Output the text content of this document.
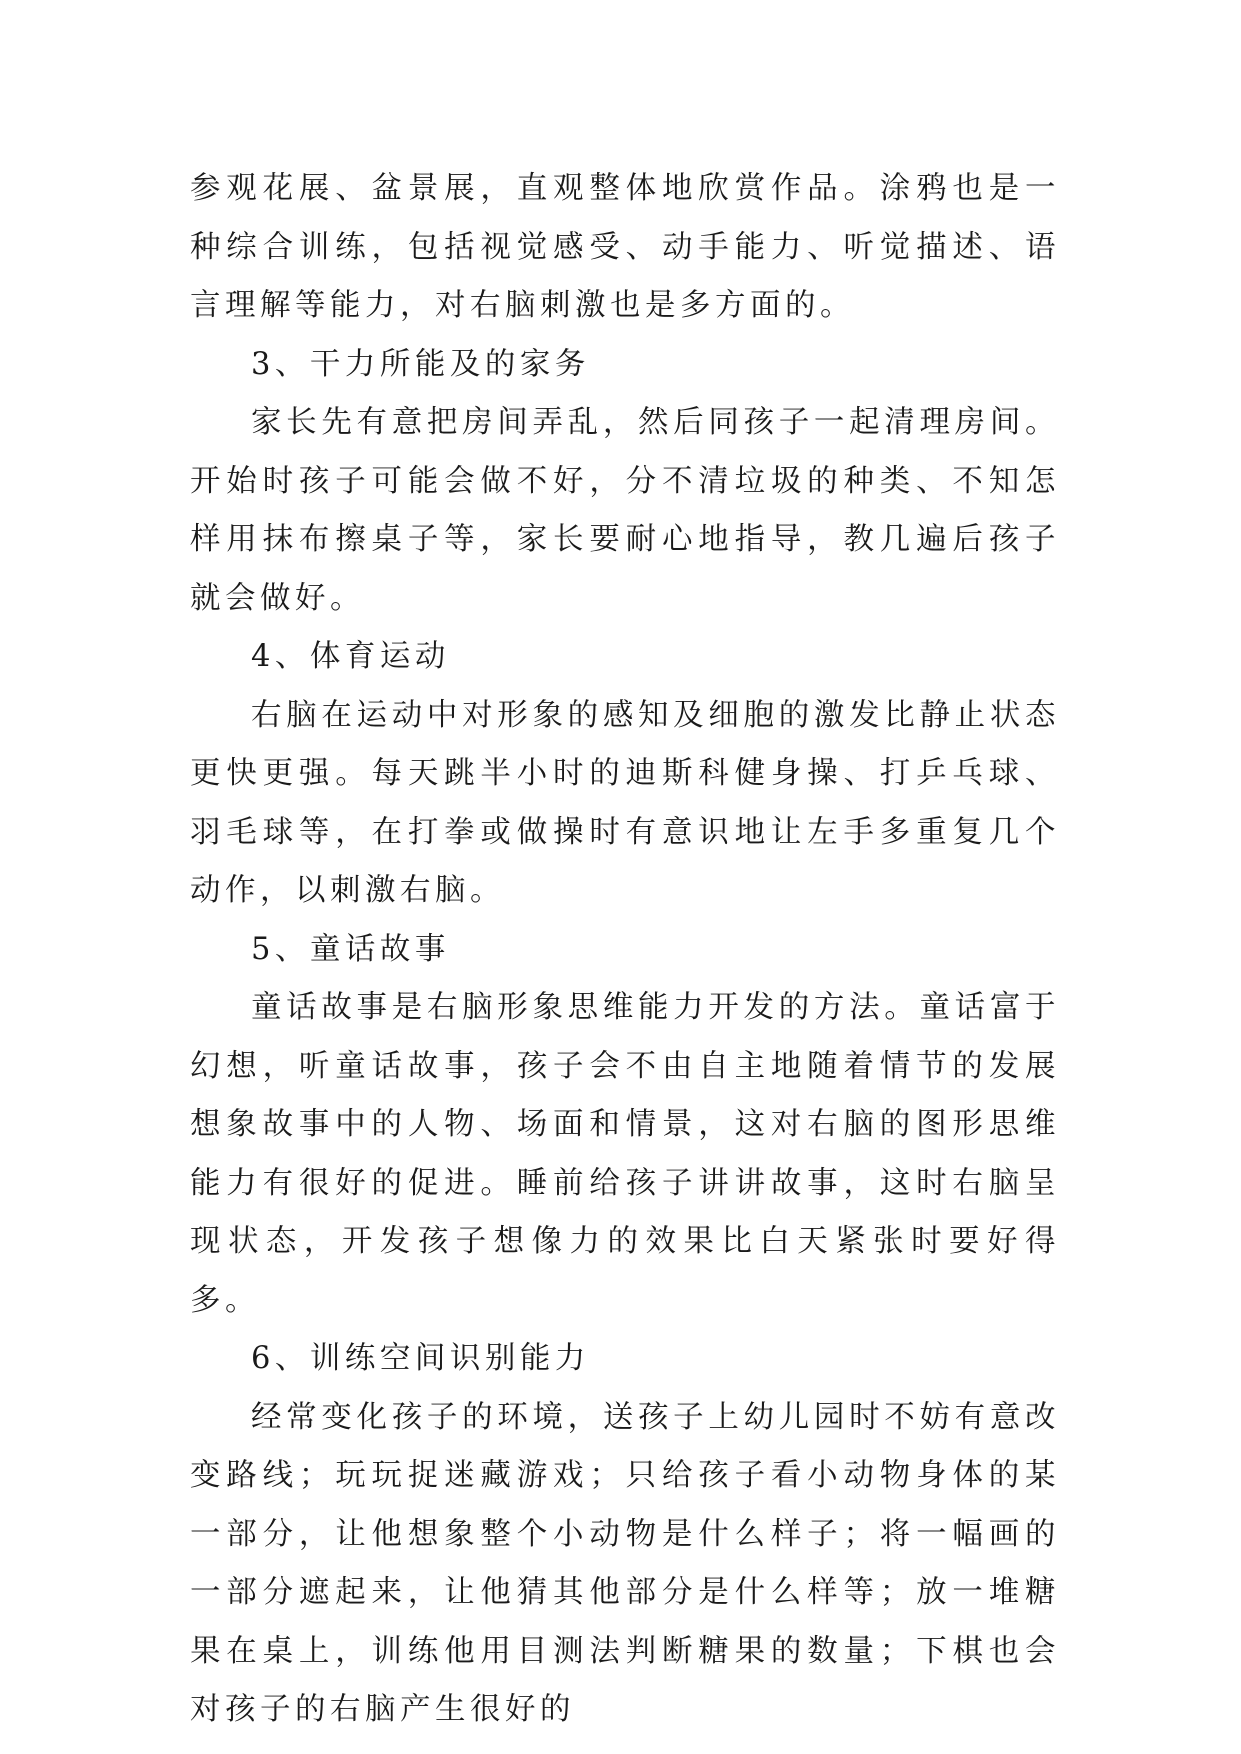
参观花展、盆景展，直观整体地欣赏作品。涂鸦也是一种综合训练，包括视觉感受、动手能力、听觉描述、语言理解等能力，对右脑刺激也是多方面的。

3、干力所能及的家务

家长先有意把房间弄乱，然后同孩子一起清理房间。开始时孩子可能会做不好，分不清垃圾的种类、不知怎样用抹布擦桌子等，家长要耐心地指导，教几遍后孩子就会做好。

4、体育运动

右脑在运动中对形象的感知及细胞的激发比静止状态更快更强。每天跳半小时的迪斯科健身操、打乒乓球、羽毛球等，在打拳或做操时有意识地让左手多重复几个动作，以刺激右脑。

5、童话故事

童话故事是右脑形象思维能力开发的方法。童话富于幻想，听童话故事，孩子会不由自主地随着情节的发展想象故事中的人物、场面和情景，这对右脑的图形思维能力有很好的促进。睡前给孩子讲讲故事，这时右脑呈现状态，开发孩子想像力的效果比白天紧张时要好得多。

6、训练空间识别能力

经常变化孩子的环境，送孩子上幼儿园时不妨有意改变路线；玩玩捉迷藏游戏；只给孩子看小动物身体的某一部分，让他想象整个小动物是什么样子；将一幅画的一部分遮起来，让他猜其他部分是什么样等；放一堆糖果在桌上，训练他用目测法判断糖果的数量；下棋也会对孩子的右脑产生很好的
